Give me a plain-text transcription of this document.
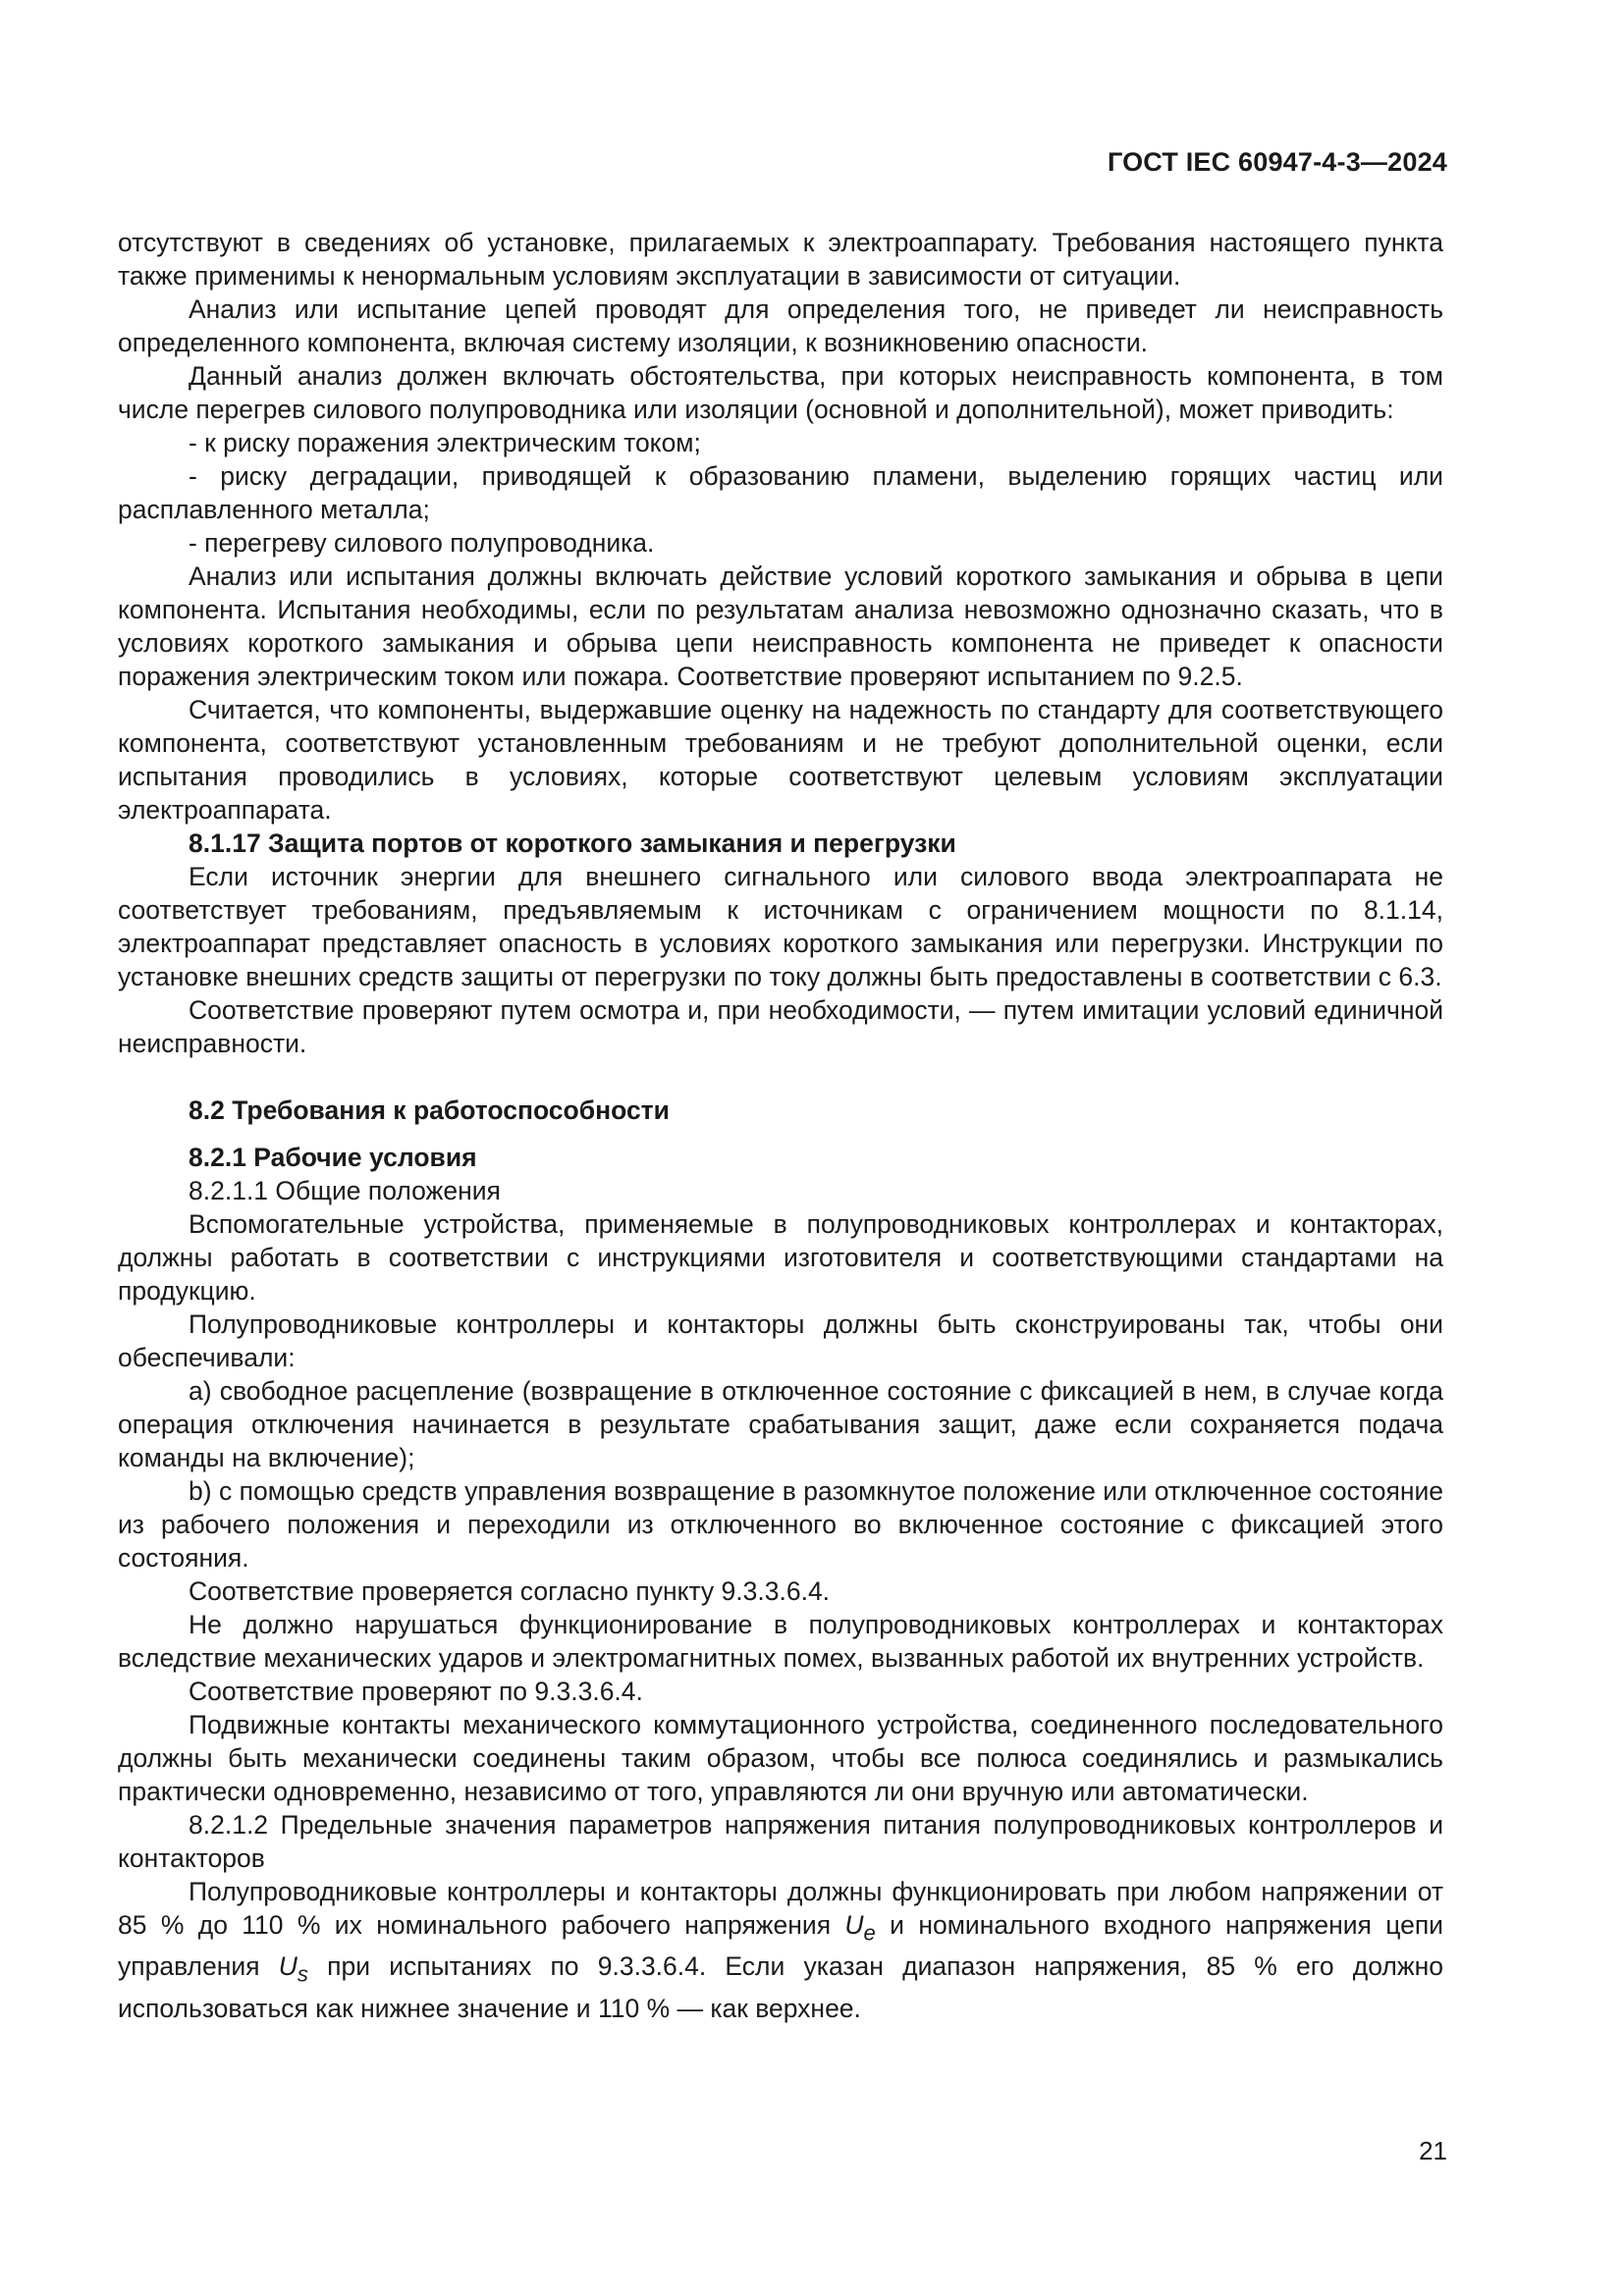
ГОСТ IEC 60947-4-3—2024

отсутствуют в сведениях об установке, прилагаемых к электроаппарату. Требования настоящего пункта также применимы к ненормальным условиям эксплуатации в зависимости от ситуации.

Анализ или испытание цепей проводят для определения того, не приведет ли неисправность определенного компонента, включая систему изоляции, к возникновению опасности.

Данный анализ должен включать обстоятельства, при которых неисправность компонента, в том числе перегрев силового полупроводника или изоляции (основной и дополнительной), может приводить:

- к риску поражения электрическим током;

- риску деградации, приводящей к образованию пламени, выделению горящих частиц или расплавленного металла;

- перегреву силового полупроводника.

Анализ или испытания должны включать действие условий короткого замыкания и обрыва в цепи компонента. Испытания необходимы, если по результатам анализа невозможно однозначно сказать, что в условиях короткого замыкания и обрыва цепи неисправность компонента не приведет к опасности поражения электрическим током или пожара. Соответствие проверяют испытанием по 9.2.5.

Считается, что компоненты, выдержавшие оценку на надежность по стандарту для соответствующего компонента, соответствуют установленным требованиям и не требуют дополнительной оценки, если испытания проводились в условиях, которые соответствуют целевым условиям эксплуатации электроаппарата.

8.1.17 Защита портов от короткого замыкания и перегрузки

Если источник энергии для внешнего сигнального или силового ввода электроаппарата не соответствует требованиям, предъявляемым к источникам с ограничением мощности по 8.1.14, электроаппарат представляет опасность в условиях короткого замыкания или перегрузки. Инструкции по установке внешних средств защиты от перегрузки по току должны быть предоставлены в соответствии с 6.3.

Соответствие проверяют путем осмотра и, при необходимости, — путем имитации условий единичной неисправности.

8.2 Требования к работоспособности

8.2.1 Рабочие условия

8.2.1.1 Общие положения

Вспомогательные устройства, применяемые в полупроводниковых контроллерах и контакторах, должны работать в соответствии с инструкциями изготовителя и соответствующими стандартами на продукцию.

Полупроводниковые контроллеры и контакторы должны быть сконструированы так, чтобы они обеспечивали:

a) свободное расцепление (возвращение в отключенное состояние с фиксацией в нем, в случае когда операция отключения начинается в результате срабатывания защит, даже если сохраняется подача команды на включение);

b) с помощью средств управления возвращение в разомкнутое положение или отключенное состояние из рабочего положения и переходили из отключенного во включенное состояние с фиксацией этого состояния.

Соответствие проверяется согласно пункту 9.3.3.6.4.

Не должно нарушаться функционирование в полупроводниковых контроллерах и контакторах вследствие механических ударов и электромагнитных помех, вызванных работой их внутренних устройств.

Соответствие проверяют по 9.3.3.6.4.

Подвижные контакты механического коммутационного устройства, соединенного последовательного должны быть механически соединены таким образом, чтобы все полюса соединялись и размыкались практически одновременно, независимо от того, управляются ли они вручную или автоматически.

8.2.1.2 Предельные значения параметров напряжения питания полупроводниковых контроллеров и контакторов

Полупроводниковые контроллеры и контакторы должны функционировать при любом напряжении от 85 % до 110 % их номинального рабочего напряжения $U_e$ и номинального входного напряжения цепи управления $U_s$ при испытаниях по 9.3.3.6.4. Если указан диапазон напряжения, 85 % его должно использоваться как нижнее значение и 110 % — как верхнее.

21
